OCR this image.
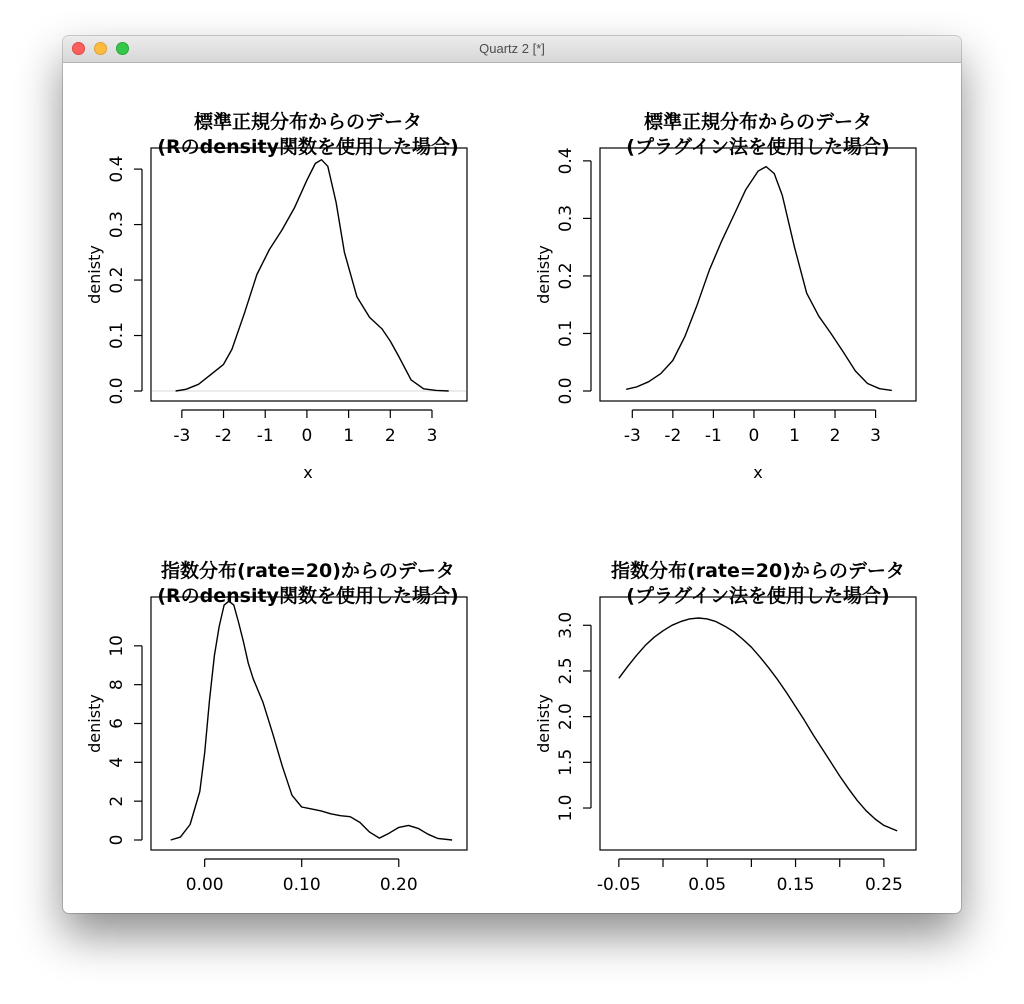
Quartz 2 [*]
標準正規分布からのデータ
(Rのdensity関数を使用した場合)
-3 -2 -1 0 1 2 3
0.0
0.1
0.2
0.3
0.4
denisty
x
標準正規分布からのデータ
(プラグイン法を使用した場合)
-3 -2 -1 0 1 2 3
0.0
0.1
0.2
0.3
0.4
denisty
x
指数分布(rate=20)からのデータ
(Rのdensity関数を使用した場合)
0.00	0.10	0.20
0
2
4
6
8
10
denisty
指数分布(rate=20)からのデータ
(プラグイン法を使用した場合)
-0.05	0.05	0.15	0.25
1.0
1.5
2.0
2.5
3.0
denisty
